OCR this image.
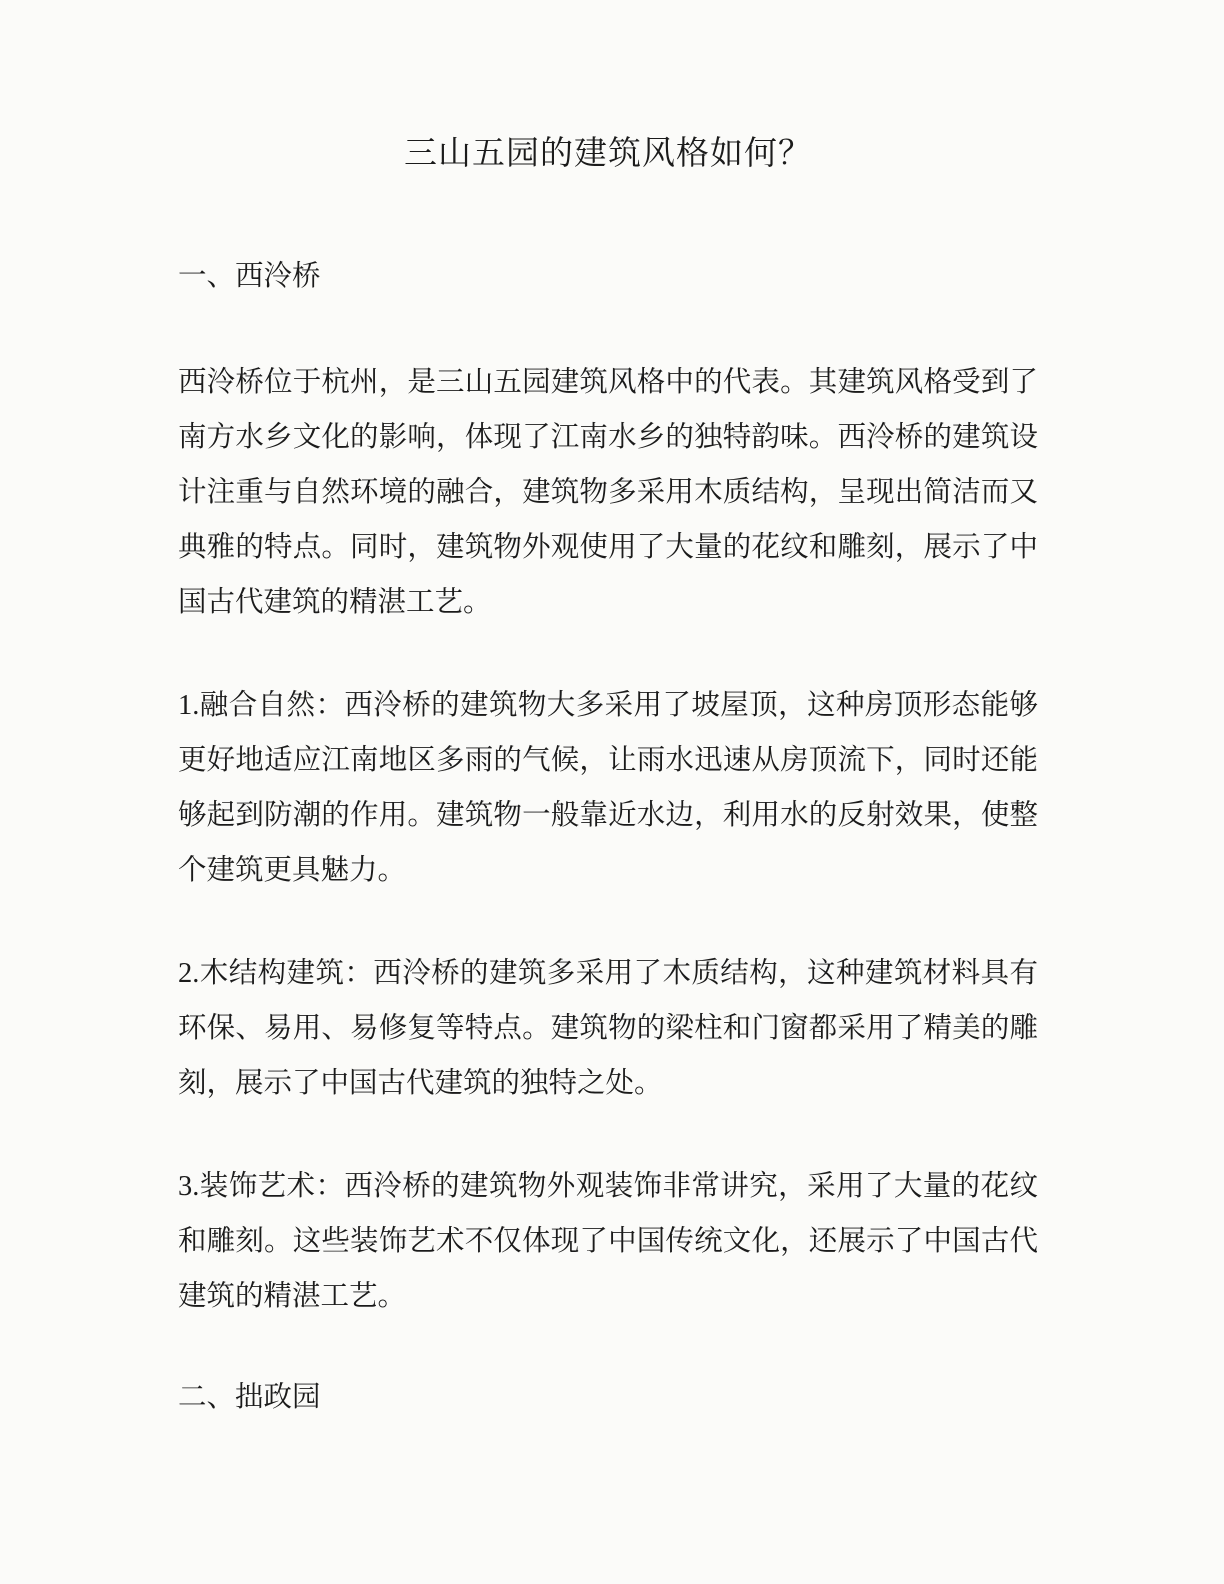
三山五园的建筑风格如何？
一、西泠桥

西泠桥位于杭州，是三山五园建筑风格中的代表。其建筑风格受到了南方水乡文化的影响，体现了江南水乡的独特韵味。西泠桥的建筑设计注重与自然环境的融合，建筑物多采用木质结构，呈现出简洁而又典雅的特点。同时，建筑物外观使用了大量的花纹和雕刻，展示了中国古代建筑的精湛工艺。

1.融合自然：西泠桥的建筑物大多采用了坡屋顶，这种房顶形态能够更好地适应江南地区多雨的气候，让雨水迅速从房顶流下，同时还能够起到防潮的作用。建筑物一般靠近水边，利用水的反射效果，使整个建筑更具魅力。

2.木结构建筑：西泠桥的建筑多采用了木质结构，这种建筑材料具有环保、易用、易修复等特点。建筑物的梁柱和门窗都采用了精美的雕刻，展示了中国古代建筑的独特之处。

3.装饰艺术：西泠桥的建筑物外观装饰非常讲究，采用了大量的花纹和雕刻。这些装饰艺术不仅体现了中国传统文化，还展示了中国古代建筑的精湛工艺。

二、拙政园
